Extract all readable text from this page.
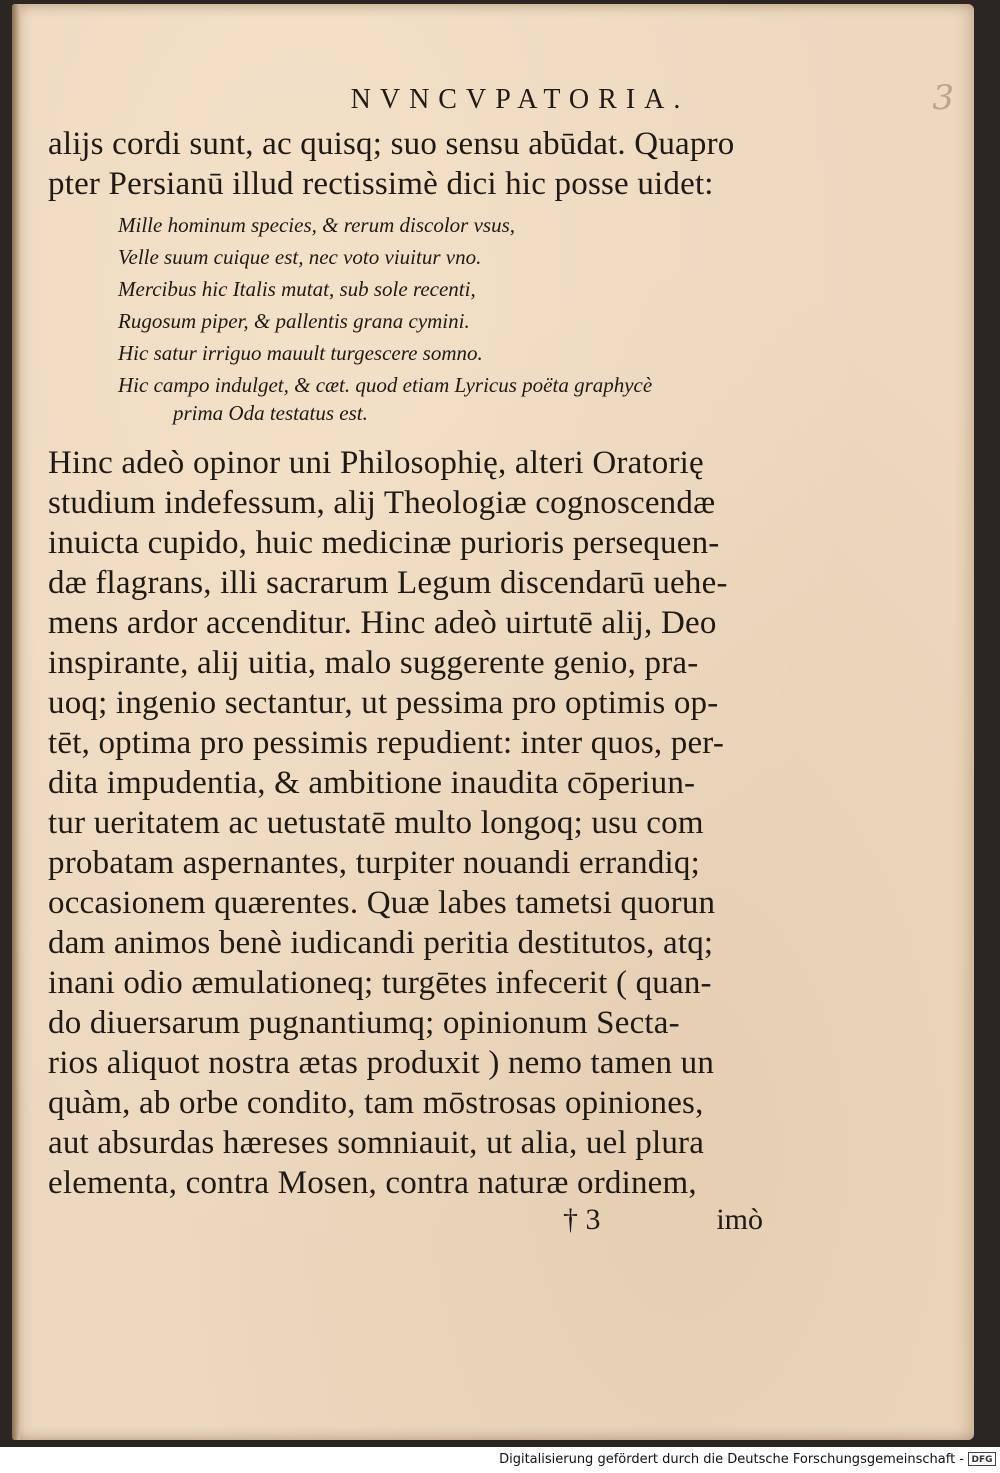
3
NVNCVPATORIA.
alĳs cordi sunt, ac quisq; suo sensu abūdat. Quapro
pter Persianū illud rectissimè dici hic posse uidet:
Mille hominum species, & rerum discolor vsus,
Velle suum cuique est, nec voto viuitur vno.
Mercibus hic Italis mutat, sub sole recenti,
Rugosum piper, & pallentis grana cymini.
Hic satur irriguo mauult turgescere somno.
Hic campo indulget, & cæt. quod etiam Lyricus poëta graphycè
prima Oda testatus est.
Hinc adeò opinor uni Philosophię, alteri Oratorię
studium indefessum, alĳ Theologiæ cognoscendæ
inuicta cupido, huic medicinæ purioris persequen-
dæ flagrans, illi sacrarum Legum discendarū uehe-
mens ardor accenditur. Hinc adeò uirtutē alĳ, Deo
inspirante, alĳ uitia, malo suggerente genio, pra-
uoq; ingenio sectantur, ut pessima pro optimis op-
tēt, optima pro pessimis repudient: inter quos, per-
dita impudentia, & ambitione inaudita cōperiun-
tur ueritatem ac uetustatē multo longoq; usu com
probatam aspernantes, turpiter nouandi errandiq;
occasionem quærentes. Quæ labes tametsi quorun
dam animos benè iudicandi peritia destitutos, atq;
inani odio æmulationeq; turgētes infecerit ( quan-
do diuersarum pugnantiumq; opinionum Secta-
rios aliquot nostra ætas produxit ) nemo tamen un
quàm, ab orbe condito, tam mōstrosas opiniones,
aut absurdas hæreses somniauit, ut alia, uel plura
elementa, contra Mosen, contra naturæ ordinem,
† 3	imò
Digitalisierung gefördert durch die Deutsche Forschungsgemeinschaft - DFG
